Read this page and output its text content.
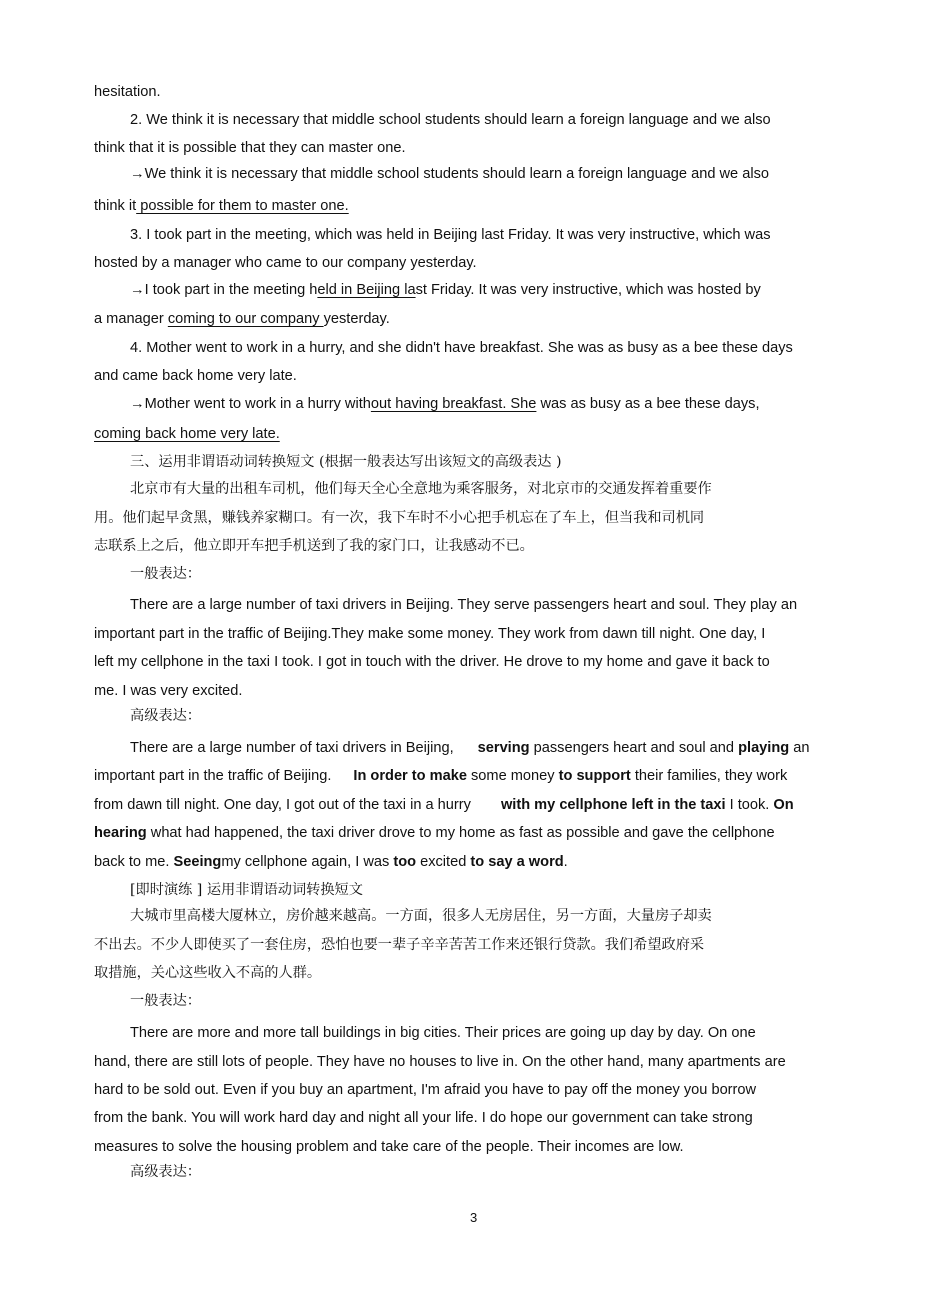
hesitation.
2. We think it is necessary that middle school students should learn a foreign language and we also
think that it is possible that they can master one.
→We think it is necessary that middle school students should learn a foreign language and we also
think it possible for them to master one.
3. I took part in the meeting, which was held in Beijing last Friday. It was very instructive, which was
hosted by a manager who came to our company yesterday.
→I took part in the meeting held in Beijing last Friday. It was very instructive, which was hosted by
a manager coming to our company yesterday.
4. Mother went to work in a hurry, and she didn't have breakfast. She was as busy as a bee these days
and came back home very late.
→Mother went to work in a hurry without having breakfast. She was as busy as a bee these days,
coming back home very late.
三、运用非谓语动词转换短文 (根据一般表达写出该短文的高级表达 )
北京市有大量的出租车司机，他们每天全心全意地为乘客服务，对北京市的交通发挥着重要作
用。他们起早贪黑，赚钱养家糊口。有一次，我下车时不小心把手机忘在了车上，但当我和司机同
志联系上之后，他立即开车把手机送到了我的家门口，让我感动不已。
一般表达：
There are a large number of taxi drivers in Beijing. They serve passengers heart and soul. They play an
important part in the traffic of Beijing.They make some money. They work from dawn till night. One day, I
left my cellphone in the taxi I took. I got in touch with the driver. He drove to my home and gave it back to
me. I was very excited.
高级表达：
There are a large number of taxi drivers in Beijing, serving passengers heart and soul and playing an
important part in the traffic of Beijing. In order to make some money to support their families, they work
from dawn till night. One day, I got out of the taxi in a hurry with my cellphone left in the taxi I took. On
hearing what had happened, the taxi driver drove to my home as fast as possible and gave the cellphone
back to me. Seeingmy cellphone again, I was too excited to say a word.
[即时演练 ] 运用非谓语动词转换短文
大城市里高楼大厦林立，房价越来越高。一方面，很多人无房居住，另一方面，大量房子却卖
不出去。不少人即使买了一套住房，恐怕也要一辈子辛辛苦苦工作来还银行贷款。我们希望政府采
取措施，关心这些收入不高的人群。
一般表达：
There are more and more tall buildings in big cities. Their prices are going up day by day. On one
hand, there are still lots of people. They have no houses to live in. On the other hand, many apartments are
hard to be sold out. Even if you buy an apartment, I'm afraid you have to pay off the money you borrow
from the bank. You will work hard day and night all your life. I do hope our government can take strong
measures to solve the housing problem and take care of the people. Their incomes are low.
高级表达：
3
